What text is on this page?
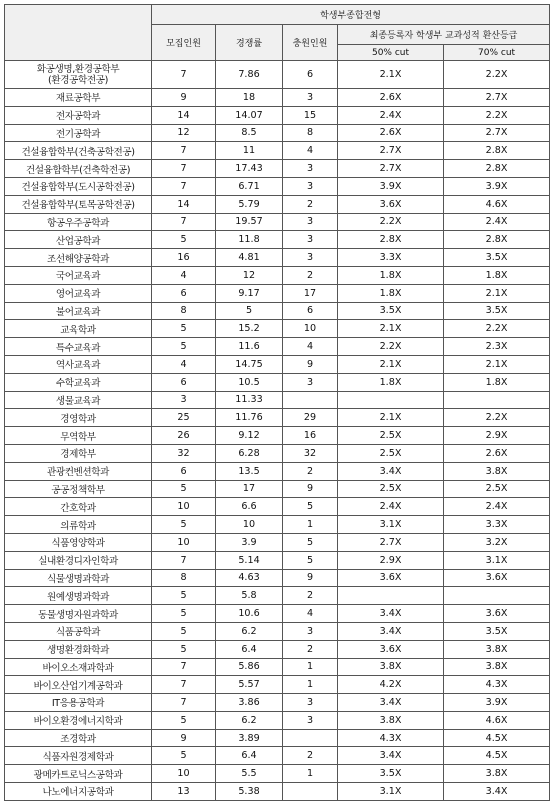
	학생부종합전형				
	모집인원	경쟁률	충원인원	최종등록자 학생부 교과성적 환산등급	
				50% cut	70% cut
화공생명,환경공학부
(환경공학전공)	7	7.86	6	2.1X	2.2X
재료공학부	9	18	3	2.6X	2.7X
전자공학과	14	14.07	15	2.4X	2.2X
전기공학과	12	8.5	8	2.6X	2.7X
건설융합학부(건축공학전공)	7	11	4	2.7X	2.8X
건설융합학부(건축학전공)	7	17.43	3	2.7X	2.8X
건설융합학부(도시공학전공)	7	6.71	3	3.9X	3.9X
건설융합학부(토목공학전공)	14	5.79	2	3.6X	4.6X
항공우주공학과	7	19.57	3	2.2X	2.4X
산업공학과	5	11.8	3	2.8X	2.8X
조선해양공학과	16	4.81	3	3.3X	3.5X
국어교육과	4	12	2	1.8X	1.8X
영어교육과	6	9.17	17	1.8X	2.1X
불어교육과	8	5	6	3.5X	3.5X
교육학과	5	15.2	10	2.1X	2.2X
특수교육과	5	11.6	4	2.2X	2.3X
역사교육과	4	14.75	9	2.1X	2.1X
수학교육과	6	10.5	3	1.8X	1.8X
생물교육과	3	11.33			
경영학과	25	11.76	29	2.1X	2.2X
무역학부	26	9.12	16	2.5X	2.9X
경제학부	32	6.28	32	2.5X	2.6X
관광컨벤션학과	6	13.5	2	3.4X	3.8X
공공정책학부	5	17	9	2.5X	2.5X
간호학과	10	6.6	5	2.4X	2.4X
의류학과	5	10	1	3.1X	3.3X
식품영양학과	10	3.9	5	2.7X	3.2X
실내환경디자인학과	7	5.14	5	2.9X	3.1X
식물생명과학과	8	4.63	9	3.6X	3.6X
원예생명과학과	5	5.8	2		
동물생명자원과학과	5	10.6	4	3.4X	3.6X
식품공학과	5	6.2	3	3.4X	3.5X
생명환경화학과	5	6.4	2	3.6X	3.8X
바이오소재과학과	7	5.86	1	3.8X	3.8X
바이오산업기계공학과	7	5.57	1	4.2X	4.3X
IT응용공학과	7	3.86	3	3.4X	3.9X
바이오환경에너지학과	5	6.2	3	3.8X	4.6X
조경학과	9	3.89		4.3X	4.5X
식품자원경제학과	5	6.4	2	3.4X	4.5X
광메카트로닉스공학과	10	5.5	1	3.5X	3.8X
나노에너지공학과	13	5.38		3.1X	3.4X
